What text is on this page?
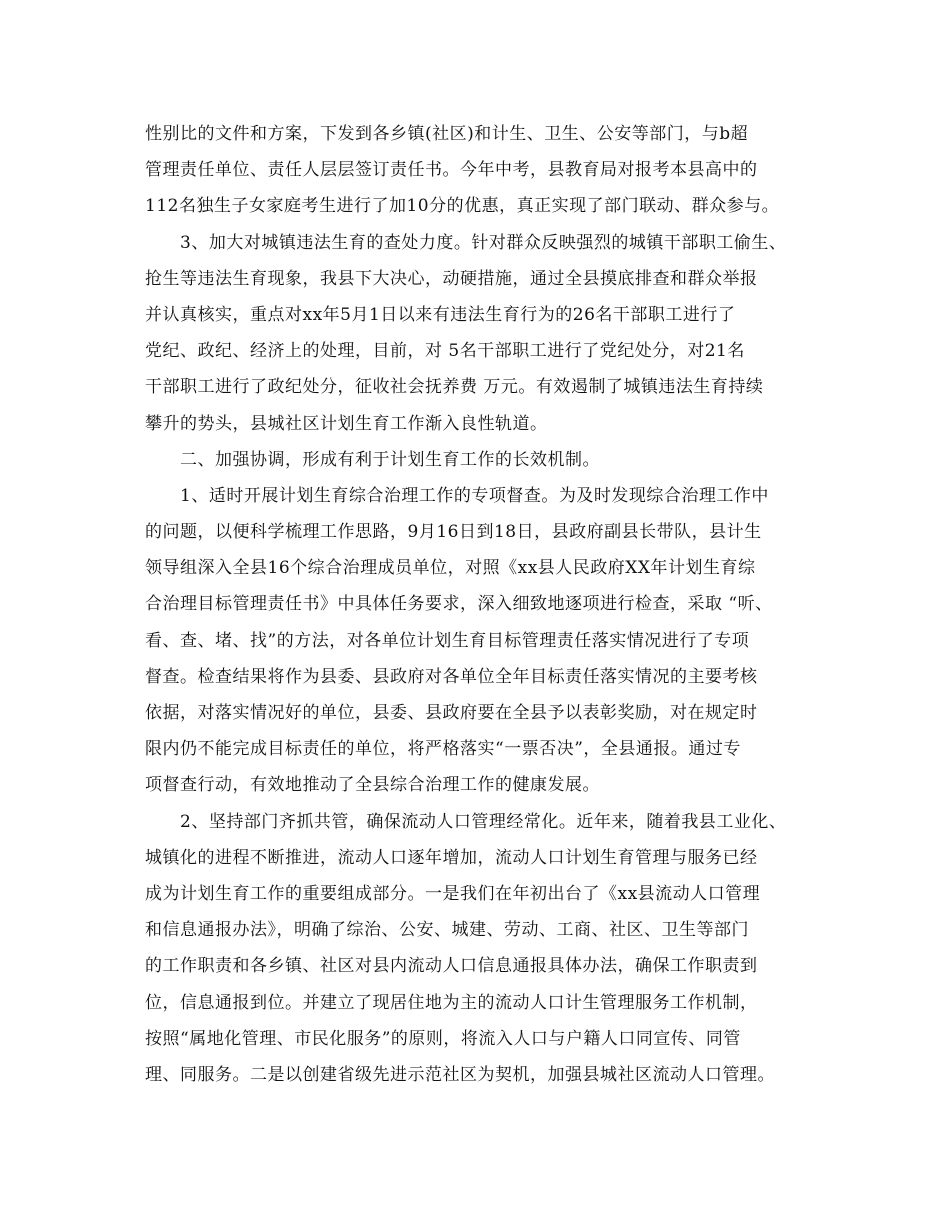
性别比的文件和方案，下发到各乡镇(社区)和计生、卫生、公安等部门，与b超
管理责任单位、责任人层层签订责任书。今年中考，县教育局对报考本县高中的
112名独生子女家庭考生进行了加10分的优惠，真正实现了部门联动、群众参与。
　　3、加大对城镇违法生育的查处力度。针对群众反映强烈的城镇干部职工偷生、
抢生等违法生育现象，我县下大决心，动硬措施，通过全县摸底排查和群众举报
并认真核实，重点对xx年5月1日以来有违法生育行为的26名干部职工进行了
党纪、政纪、经济上的处理，目前，对 5名干部职工进行了党纪处分，对21名
干部职工进行了政纪处分，征收社会抚养费 万元。有效遏制了城镇违法生育持续
攀升的势头，县城社区计划生育工作渐入良性轨道。
　　二、加强协调，形成有利于计划生育工作的长效机制。
　　1、适时开展计划生育综合治理工作的专项督查。为及时发现综合治理工作中
的问题，以便科学梳理工作思路，9月16日到18日，县政府副县长带队，县计生
领导组深入全县16个综合治理成员单位，对照《xx县人民政府XX年计划生育综
合治理目标管理责任书》中具体任务要求，深入细致地逐项进行检查，采取 “听、
看、查、堵、找”的方法，对各单位计划生育目标管理责任落实情况进行了专项
督查。检查结果将作为县委、县政府对各单位全年目标责任落实情况的主要考核
依据，对落实情况好的单位，县委、县政府要在全县予以表彰奖励，对在规定时
限内仍不能完成目标责任的单位，将严格落实“一票否决”，全县通报。通过专
项督查行动，有效地推动了全县综合治理工作的健康发展。
　　2、坚持部门齐抓共管，确保流动人口管理经常化。近年来，随着我县工业化、
城镇化的进程不断推进，流动人口逐年增加，流动人口计划生育管理与服务已经
成为计划生育工作的重要组成部分。一是我们在年初出台了《xx县流动人口管理
和信息通报办法》，明确了综治、公安、城建、劳动、工商、社区、卫生等部门
的工作职责和各乡镇、社区对县内流动人口信息通报具体办法，确保工作职责到
位，信息通报到位。并建立了现居住地为主的流动人口计生管理服务工作机制，
按照“属地化管理、市民化服务”的原则，将流入人口与户籍人口同宣传、同管
理、同服务。二是以创建省级先进示范社区为契机，加强县城社区流动人口管理。
